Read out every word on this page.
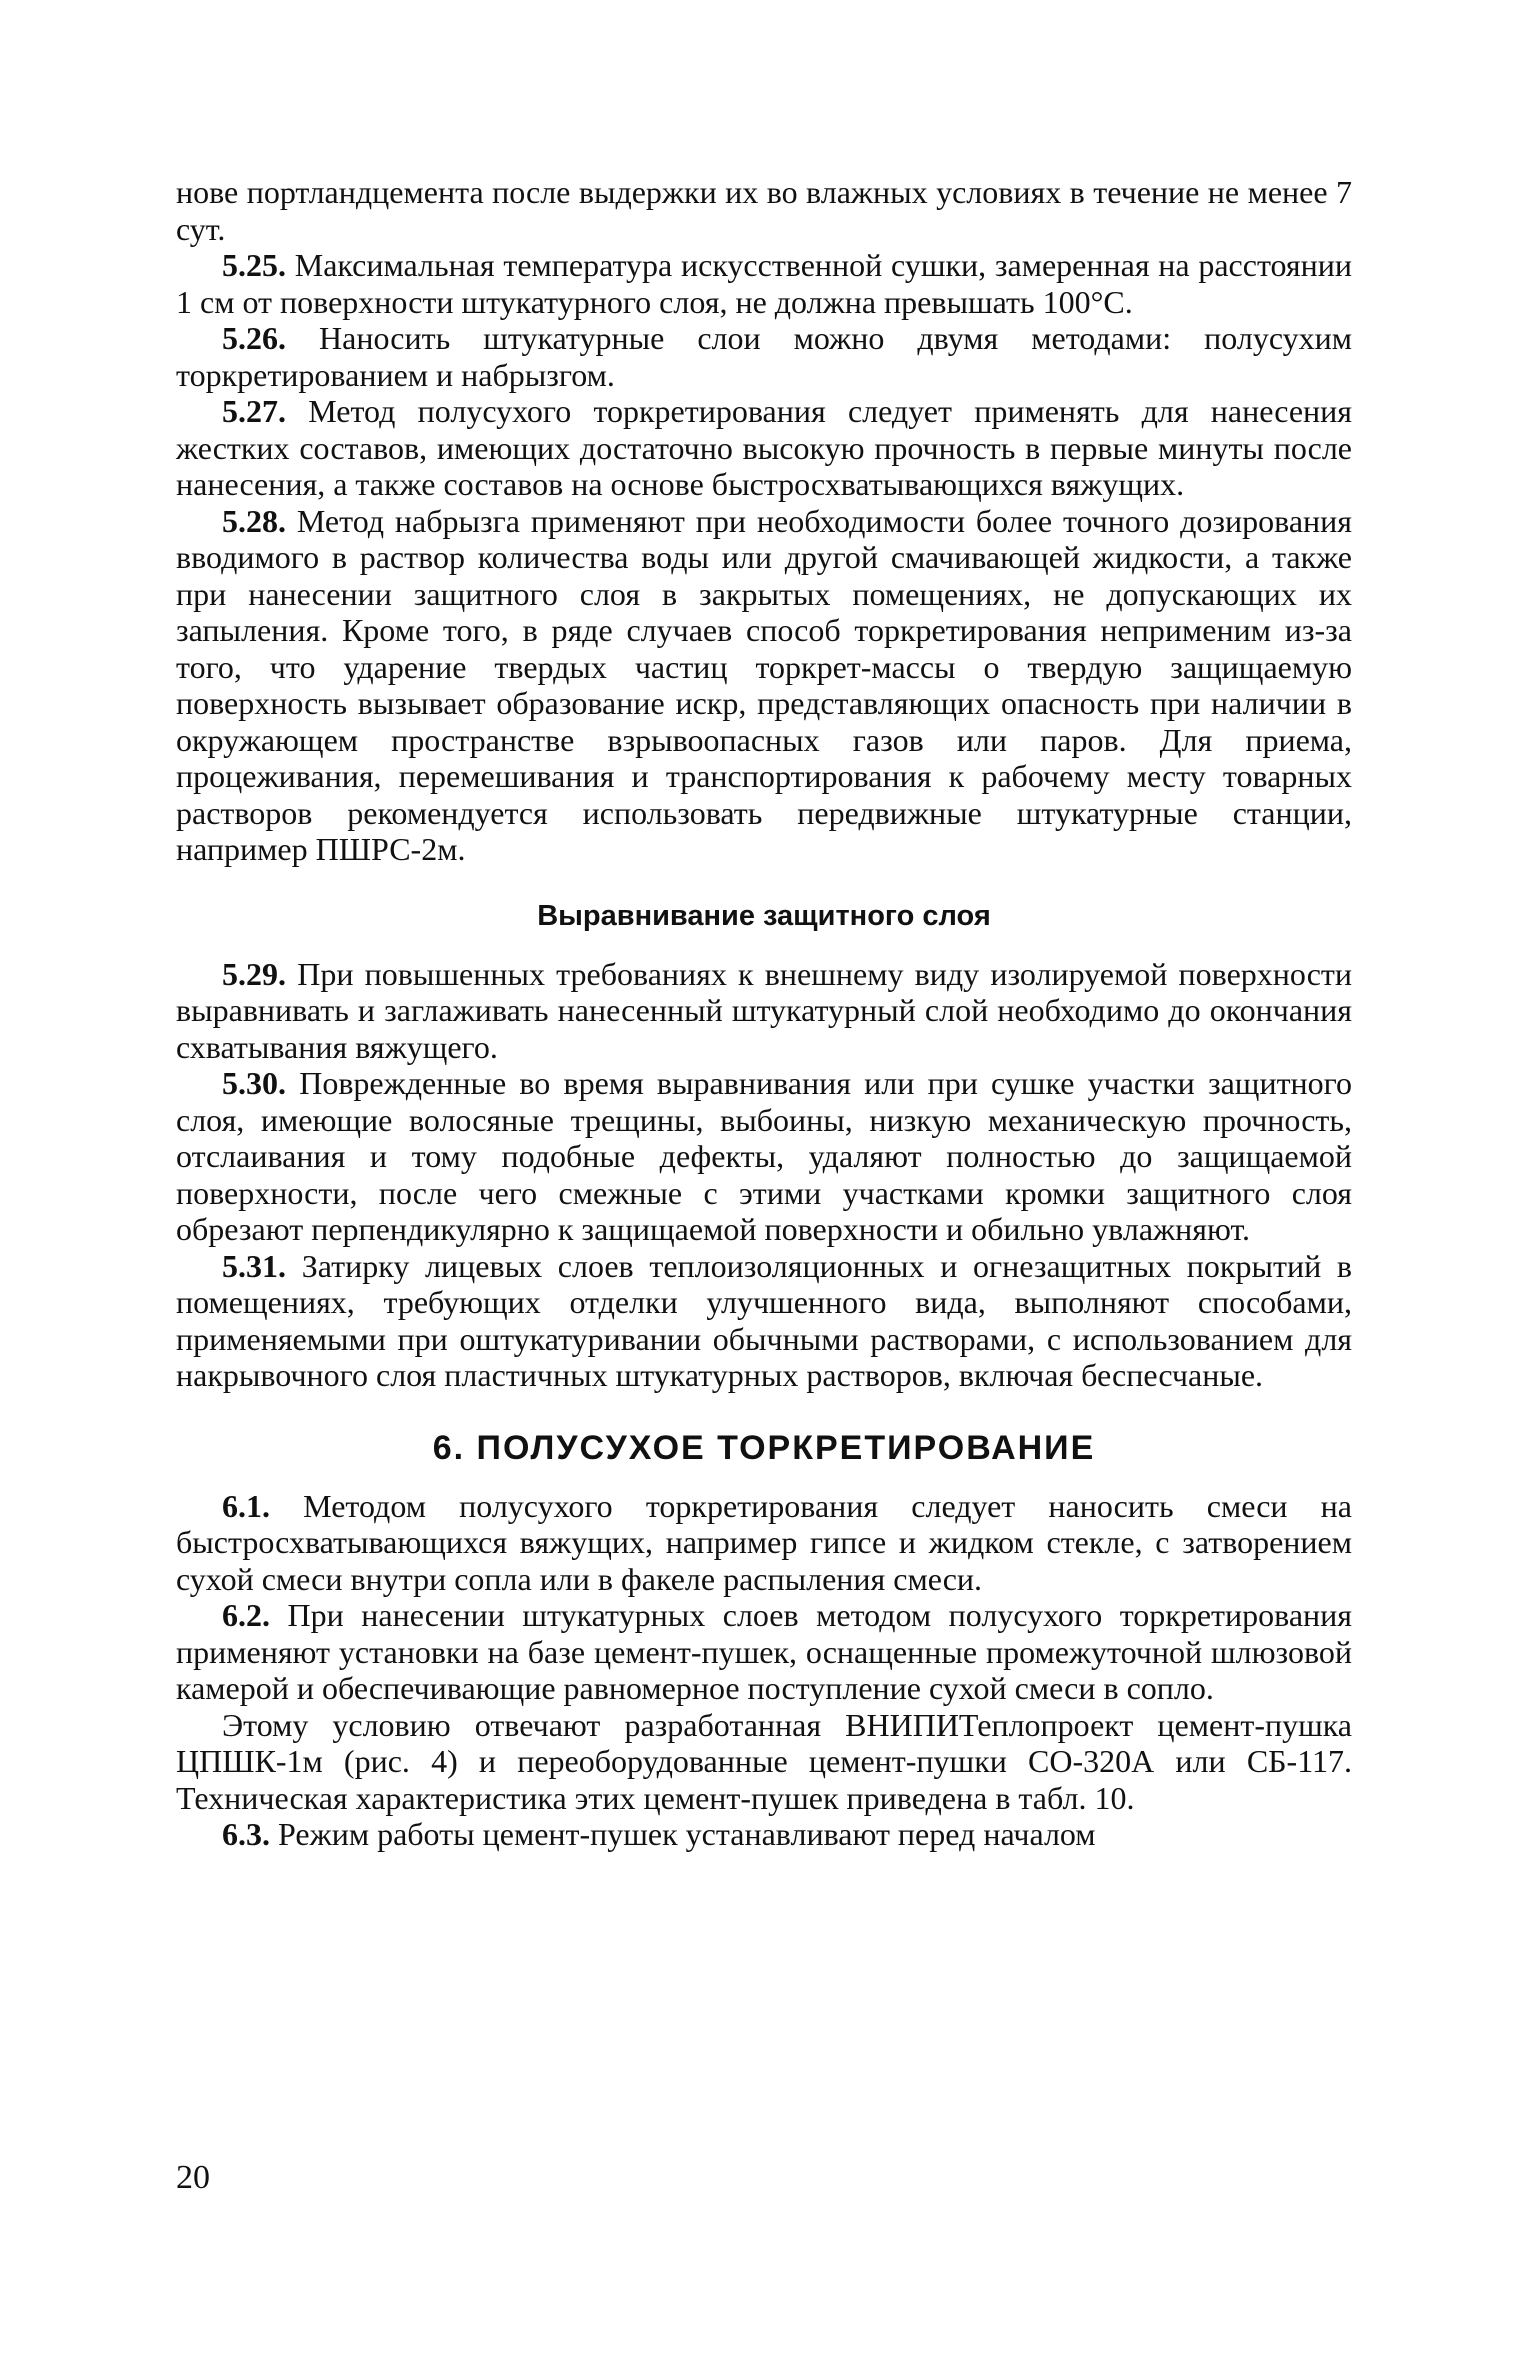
нове портландцемента после выдержки их во влажных условиях в течение не менее 7 сут.

5.25. Максимальная температура искусственной сушки, замеренная на расстоянии 1 см от поверхности штукатурного слоя, не должна превышать 100°С.

5.26. Наносить штукатурные слои можно двумя методами: полусухим торкретированием и набрызгом.

5.27. Метод полусухого торкретирования следует применять для нанесения жестких составов, имеющих достаточно высокую прочность в первые минуты после нанесения, а также составов на основе быстросхватывающихся вяжущих.

5.28. Метод набрызга применяют при необходимости более точного дозирования вводимого в раствор количества воды или другой смачивающей жидкости, а также при нанесении защитного слоя в закрытых помещениях, не допускающих их запыления. Кроме того, в ряде случаев способ торкретирования неприменим из-за того, что ударение твердых частиц торкрет-массы о твердую защищаемую поверхность вызывает образование искр, представляющих опасность при наличии в окружающем пространстве взрывоопасных газов или паров. Для приема, процеживания, перемешивания и транспортирования к рабочему месту товарных растворов рекомендуется использовать передвижные штукатурные станции, например ПШРС-2м.

Выравнивание защитного слоя

5.29. При повышенных требованиях к внешнему виду изолируемой поверхности выравнивать и заглаживать нанесенный штукатурный слой необходимо до окончания схватывания вяжущего.

5.30. Поврежденные во время выравнивания или при сушке участки защитного слоя, имеющие волосяные трещины, выбоины, низкую механическую прочность, отслаивания и тому подобные дефекты, удаляют полностью до защищаемой поверхности, после чего смежные с этими участками кромки защитного слоя обрезают перпендикулярно к защищаемой поверхности и обильно увлажняют.

5.31. Затирку лицевых слоев теплоизоляционных и огнезащитных покрытий в помещениях, требующих отделки улучшенного вида, выполняют способами, применяемыми при оштукатуривании обычными растворами, с использованием для накрывочного слоя пластичных штукатурных растворов, включая беспесчаные.

6. ПОЛУСУХОЕ ТОРКРЕТИРОВАНИЕ

6.1. Методом полусухого торкретирования следует наносить смеси на быстросхватывающихся вяжущих, например гипсе и жидком стекле, с затворением сухой смеси внутри сопла или в факеле распыления смеси.

6.2. При нанесении штукатурных слоев методом полусухого торкретирования применяют установки на базе цемент-пушек, оснащенные промежуточной шлюзовой камерой и обеспечивающие равномерное поступление сухой смеси в сопло.

Этому условию отвечают разработанная ВНИПИТеплопроект цемент-пушка ЦПШК-1м (рис. 4) и переоборудованные цемент-пушки СО-320А или СБ-117. Техническая характеристика этих цемент-пушек приведена в табл. 10.

6.3. Режим работы цемент-пушек устанавливают перед началом

20
